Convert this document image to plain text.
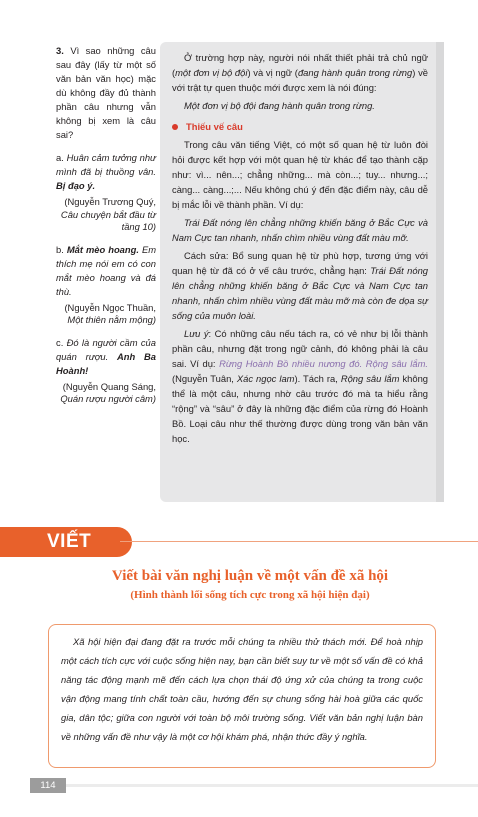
3. Vì sao những câu sau đây (lấy từ một số văn bản văn học) mặc dù không đầy đủ thành phần câu nhưng vẫn không bị xem là câu sai?

a. Huân cảm tưởng như mình đã bị thuồng vân. Bị đạo ý.

(Nguyễn Trương Quý,
Câu chuyện bắt đầu từ tầng 10)

b. Mắt mèo hoang. Em thích mẹ nói em có con mắt mèo hoang và đá thù.

(Nguyễn Ngọc Thuần,
Một thiên nằm mộng)

c. Đó là người cầm của quán rượu. Anh Ba Hoành!

(Nguyễn Quang Sáng,
Quán rượu người câm)

Ở trường hợp này, người nói nhất thiết phải trả chủ ngữ (một đơn vị bộ đội) và vị ngữ (đang hành quân trong rừng) về với trật tự quen thuộc mới được xem là nói đúng:

Một đơn vị bộ đội đang hành quân trong rừng.

Thiếu vế câu

Trong câu văn tiếng Việt, có một số quan hệ từ luôn đòi hỏi được kết hợp với một quan hệ từ khác để tạo thành cặp như: vì... nên...; chẳng những... mà còn...; tuy... nhưng...; càng... càng...;... Nếu không chú ý đến đặc điểm này, câu dễ bị mắc lỗi về thành phần. Ví dụ:

Trái Đất nóng lên chẳng những khiến băng ở Bắc Cực và Nam Cực tan nhanh, nhấn chìm nhiều vùng đất màu mỡ.

Cách sửa: Bổ sung quan hệ từ phù hợp, tương ứng với quan hệ từ đã có ở vế câu trước, chẳng hạn: Trái Đất nóng lên chẳng những khiến băng ở Bắc Cực và Nam Cực tan nhanh, nhấn chìm nhiều vùng đất màu mỡ mà còn đe dọa sự sống của muôn loài.

Lưu ý: Có những câu nếu tách ra, có vẻ như bị lỗi thành phần câu, nhưng đặt trong ngữ cảnh, đó không phải là câu sai. Ví dụ: Rừng Hoành Bồ nhiều nương đó. Rộng sâu lắm. (Nguyễn Tuân, Xác ngọc lam). Tách ra, Rộng sâu lắm không thể là một câu, nhưng nhờ câu trước đó mà ta hiểu rằng “rộng” và “sâu” ở đây là những đặc điểm của rừng đó Hoành Bồ. Loại câu như thế thường được dùng trong văn bản văn học.

VIẾT
Viết bài văn nghị luận về một vấn đề xã hội
(Hình thành lối sống tích cực trong xã hội hiện đại)
Xã hội hiện đại đang đặt ra trước mỗi chúng ta nhiều thử thách mới. Để hoà nhịp một cách tích cực với cuộc sống hiện nay, bạn cần biết suy tư về một số vấn đề có khả năng tác động mạnh mẽ đến cách lựa chọn thái độ ứng xử của chúng ta trong cuộc vận động mang tính chất toàn cầu, hướng đến sự chung sống hài hoà giữa các quốc gia, dân tộc; giữa con người với toàn bộ môi trường sống. Viết văn bản nghị luận bàn về những vấn đề như vậy là một cơ hội khám phá, nhận thức đầy ý nghĩa.
114
